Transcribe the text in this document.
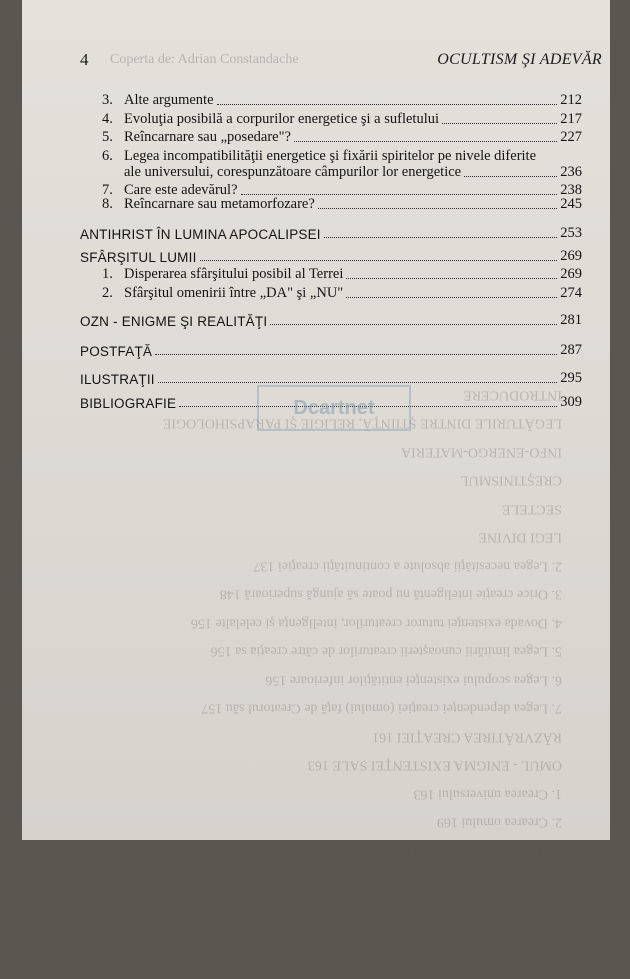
ILUZIA REÎNCARNĂRII 197
1. Reîncarnare sau sangrie malefică? 197
5. Căderea şi recuperarea omului. Scopul existenţei lui pe Terra 189
4. Populaţie terestră şi universală 185
3. Omul ca cel mai perfect robot biologic terestru 175
2. Crearea omului 169
1. Crearea universului 163
OMUL - ENIGMA EXISTENŢEI SALE 163
RĂZVRĂTIREA CREAŢIEI 161
7. Legea dependenţei creaţiei (omului) faţă de Creatorul său 157
6. Legea scopului existenţei entităţilor inferioare 156
5. Legea limitării cunoaşterii creaturilor de către creaţia sa 156
4. Dovada existenţei tuturor creaturilor, inteligenţa şi celelalte 156
3. Orice creaţie inteligentă nu poate să ajungă superioară 148
2. Legea necesităţii absolute a continuităţii creaţiei 137
LEGI DIVINE
SECTELE
CREŞTINISMUL
INFO-ENERGO-MATERIA
LEGĂTURILE DINTRE ŞTIINŢĂ, RELIGIE ŞI PARAPSIHOLOGIE
INTRODUCERE
4 Coperta de: Adrian Constandache	OCULTISM ŞI ADEVĂR
3. Alte argumente	212
4. Evoluţia posibilă a corpurilor energetice şi a sufletului	217
5. Reîncarnare sau „posedare"?	227
6. Legea incompatibilităţii energetice şi fixării spiritelor pe nivele diferite
ale universului, corespunzătoare câmpurilor lor energetice	236
7. Care este adevărul?	238
8. Reîncarnare sau metamorfozare?	245
ANTIHRIST ÎN LUMINA APOCALIPSEI	253
SFÂRŞITUL LUMII	269
1. Disperarea sfârşitului posibil al Terrei	269
2. Sfârşitul omenirii între „DA" şi „NU"	274
OZN - ENIGME ŞI REALITĂŢI	281
POSTFAŢĂ	287
ILUSTRAŢII	295
BIBLIOGRAFIE	309
Dcartnet
